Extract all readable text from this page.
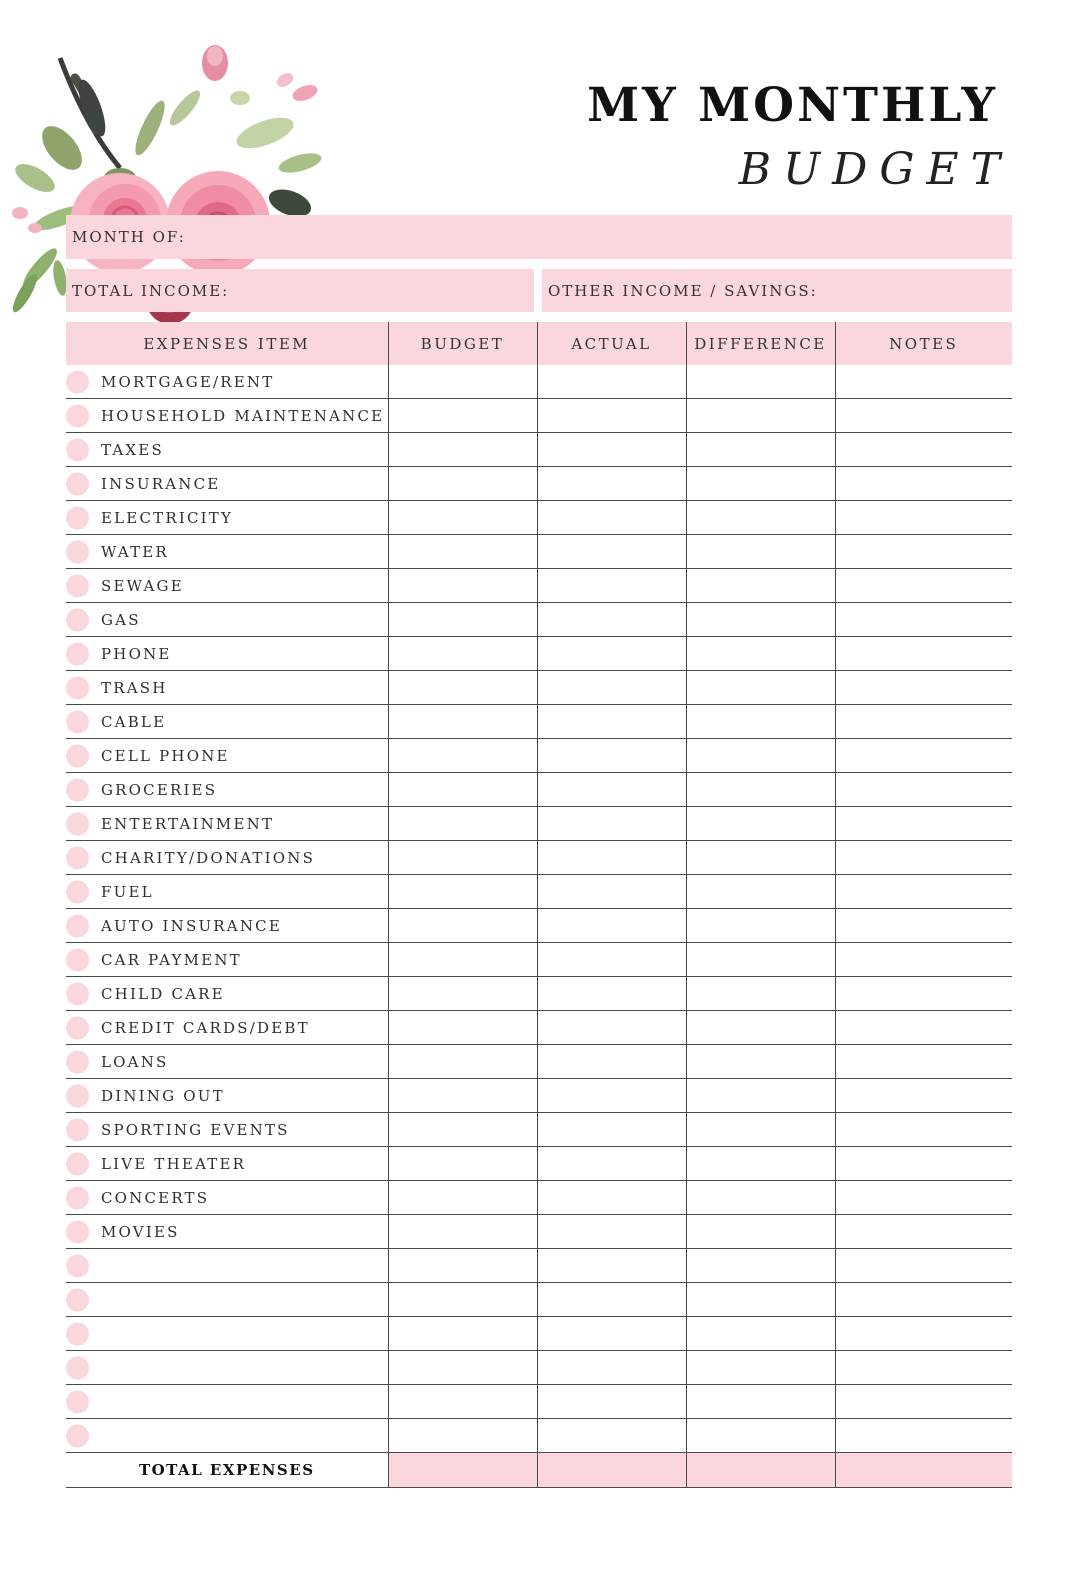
MY MONTHLY
BUDGET
MONTH OF:
TOTAL INCOME:	OTHER INCOME / SAVINGS:
EXPENSES ITEM	BUDGET	ACTUAL	DIFFERENCE	NOTES

MORTGAGE/RENT				

HOUSEHOLD MAINTENANCE				

TAXES				

INSURANCE				

ELECTRICITY				

WATER				

SEWAGE				

GAS				

PHONE				

TRASH				

CABLE				

CELL PHONE				

GROCERIES				

ENTERTAINMENT				

CHARITY/DONATIONS				

FUEL				

AUTO INSURANCE				

CAR PAYMENT				

CHILD CARE				

CREDIT CARDS/DEBT				

LOANS				

DINING OUT				

SPORTING EVENTS				

LIVE THEATER				

CONCERTS				

MOVIES				

TOTAL EXPENSES				
